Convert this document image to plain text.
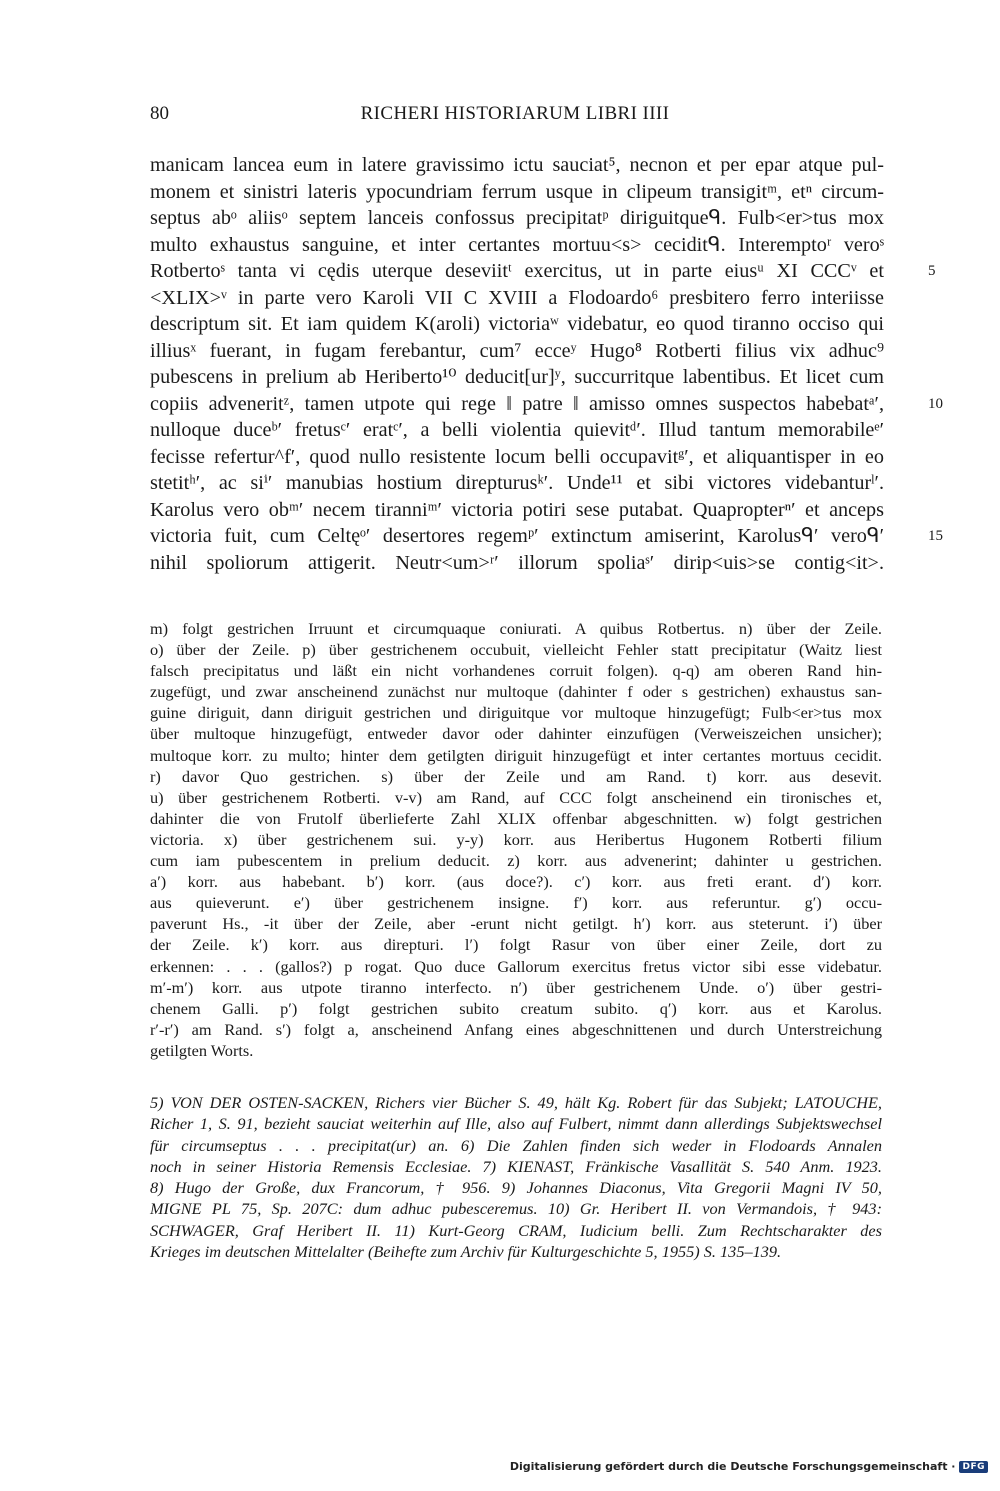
80	RICHERI HISTORIARUM LIBRI IIII
manicam lancea eum in latere gravissimo ictu sauciat⁵, necnon et per epar atque pul-
monem et sinistri lateris ypocundriam ferrum usque in clipeum transigitᵐ, etⁿ circum-
septus abᵒ aliisᵒ septem lanceis confossus precipitatᵖ diriguitqueᑫ. Fulb<er>tus mox
multo exhaustus sanguine, et inter certantes mortuu<s> ceciditᑫ. Interemptoʳ veroˢ
Rotbertoˢ tanta vi cędis uterque deseviitᵗ exercitus, ut in parte eiusᵘ XI CCCᵛ et	5
<XLIX>ᵛ in parte vero Karoli VII C XVIII a Flodoardo⁶ presbitero ferro interiisse
descriptum sit. Et iam quidem K(aroli) victoriaʷ videbatur, eo quod tiranno occiso qui
illiusˣ fuerant, in fugam ferebantur, cum⁷ ecceʸ Hugo⁸ Rotberti filius vix adhuc⁹
pubescens in prelium ab Heriberto¹⁰ deducit[ur]ʸ, succurritque labentibus. Et licet cum
copiis adveneritᶻ, tamen utpote qui rege ‖ patre ‖ amisso omnes suspectos habebatᵃ′,	10
nulloque duceᵇ′ fretusᶜ′ eratᶜ′, a belli violentia quievitᵈ′. Illud tantum memorabileᵉ′
fecisse refertur^f′, quod nullo resistente locum belli occupavitᵍ′, et aliquantisper in eo
stetitʰ′, ac siⁱ′ manubias hostium direpturusᵏ′. Unde¹¹ et sibi victores videbanturˡ′.
Karolus vero obᵐ′ necem tiranniᵐ′ victoria potiri sese putabat. Quapropterⁿ′ et anceps
victoria fuit, cum Celtęᵒ′ desertores regemᵖ′ extinctum amiserint, Karolusᑫ′ veroᑫ′	15
nihil spoliorum attigerit. Neutr<um>ʳ′ illorum spoliaˢ′ dirip<uis>se contig<it>.
m) folgt gestrichen Irruunt et circumquaque coniurati. A quibus Rotbertus. n) über der Zeile.
o) über der Zeile. p) über gestrichenem occubuit, vielleicht Fehler statt precipitatur (Waitz liest
falsch precipitatus und läßt ein nicht vorhandenes corruit folgen). q-q) am oberen Rand hin-
zugefügt, und zwar anscheinend zunächst nur multoque (dahinter f oder s gestrichen) exhaustus san-
guine diriguit, dann diriguit gestrichen und diriguitque vor multoque hinzugefügt; Fulb<er>tus mox
über multoque hinzugefügt, entweder davor oder dahinter einzufügen (Verweiszeichen unsicher);
multoque korr. zu multo; hinter dem getilgten diriguit hinzugefügt et inter certantes mortuus cecidit.
r) davor Quo gestrichen. s) über der Zeile und am Rand. t) korr. aus desevit.
u) über gestrichenem Rotberti. v-v) am Rand, auf CCC folgt anscheinend ein tironisches et,
dahinter die von Frutolf überlieferte Zahl XLIX offenbar abgeschnitten. w) folgt gestrichen
victoria. x) über gestrichenem sui. y-y) korr. aus Heribertus Hugonem Rotberti filium
cum iam pubescentem in prelium deducit. z) korr. aus advenerint; dahinter u gestrichen.
a′) korr. aus habebant. b′) korr. (aus doce?). c′) korr. aus freti erant. d′) korr.
aus quieverunt. e′) über gestrichenem insigne. f′) korr. aus referuntur. g′) occu-
paverunt Hs., -it über der Zeile, aber -erunt nicht getilgt. h′) korr. aus steterunt. i′) über
der Zeile. k′) korr. aus direpturi. l′) folgt Rasur von über einer Zeile, dort zu
erkennen: . . . (gallos?) p rogat. Quo duce Gallorum exercitus fretus victor sibi esse videbatur.
m′-m′) korr. aus utpote tiranno interfecto. n′) über gestrichenem Unde. o′) über gestri-
chenem Galli. p′) folgt gestrichen subito creatum subito. q′) korr. aus et Karolus.
r′-r′) am Rand. s′) folgt a, anscheinend Anfang eines abgeschnittenen und durch Unterstreichung
getilgten Worts.
5) VON DER OSTEN-SACKEN, Richers vier Bücher S. 49, hält Kg. Robert für das Subjekt; LATOUCHE,
Richer 1, S. 91, bezieht sauciat weiterhin auf Ille, also auf Fulbert, nimmt dann allerdings Subjektswechsel
für circumseptus . . . precipitat(ur) an. 6) Die Zahlen finden sich weder in Flodoards Annalen
noch in seiner Historia Remensis Ecclesiae. 7) KIENAST, Fränkische Vasallität S. 540 Anm. 1923.
8) Hugo der Große, dux Francorum, † 956. 9) Johannes Diaconus, Vita Gregorii Magni IV 50,
MIGNE PL 75, Sp. 207C: dum adhuc pubesceremus. 10) Gr. Heribert II. von Vermandois, † 943:
SCHWAGER, Graf Heribert II. 11) Kurt-Georg CRAM, Iudicium belli. Zum Rechtscharakter des
Krieges im deutschen Mittelalter (Beihefte zum Archiv für Kulturgeschichte 5, 1955) S. 135–139.
Digitalisierung gefördert durch die Deutsche Forschungsgemeinschaft · DFG
